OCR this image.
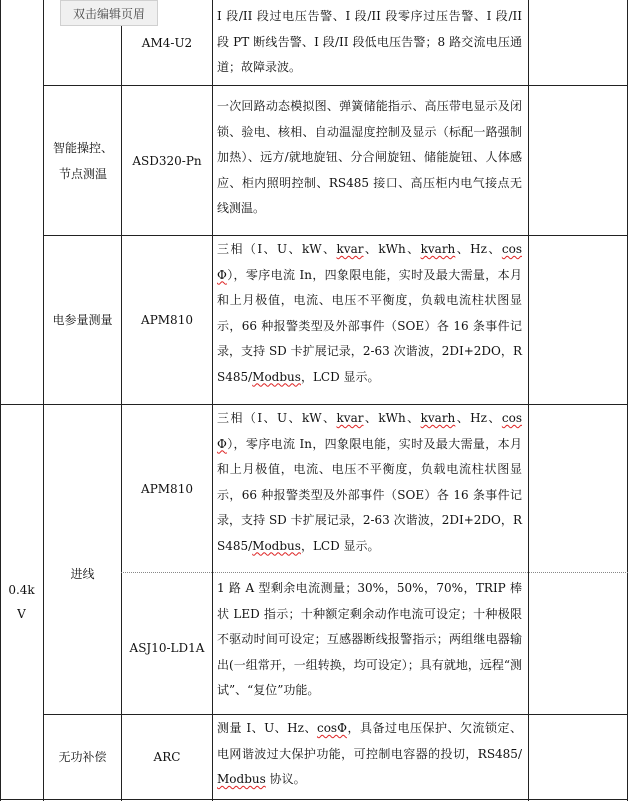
双击编辑页眉
0.4k
V
AM4-U2

I 段/II 段过电压告警、I 段/II 段零序过压告警、I 段/II 段 PT 断线告警、I 段/II 段低电压告警；8 路交流电压通道；故障录波。

智能操控、节点测温
ASD320-Pn

一次回路动态模拟图、弹簧储能指示、高压带电显示及闭锁、验电、核相、自动温湿度控制及显示（标配一路强制加热）、远方/就地旋钮、分合闸旋钮、储能旋钮、人体感应、柜内照明控制、RS485 接口、高压柜内电气接点无线测温。

电参量测量 APM810

三相（I、U、kW、kvar、kWh、kvarh、Hz、cosΦ），零序电流 In，四象限电能，实时及最大需量，本月和上月极值，电流、电压不平衡度，负载电流柱状图显示，66 种报警类型及外部事件（SOE）各 16 条事件记录，支持 SD 卡扩展记录，2-63 次谐波，2DI+2DO，RS485/Modbus，LCD 显示。

进线
APM810

三相（I、U、kW、kvar、kWh、kvarh、Hz、cosΦ），零序电流 In，四象限电能，实时及最大需量，本月和上月极值，电流、电压不平衡度，负载电流柱状图显示，66 种报警类型及外部事件（SOE）各 16 条事件记录，支持 SD 卡扩展记录，2-63 次谐波，2DI+2DO，RS485/Modbus，LCD 显示。

ASJ10-LD1A

1 路 A 型剩余电流测量；30%，50%，70%，TRIP 棒状 LED 指示；十种额定剩余动作电流可设定；十种极限不驱动时间可设定；互感器断线报警指示；两组继电器输出(一组常开，一组转换，均可设定）；具有就地，远程“测试”、“复位”功能。

无功补偿	ARC

测量 I、U、Hz、cosΦ，具备过电压保护、欠流锁定、电网谐波过大保护功能，可控制电容器的投切，RS485/Modbus 协议。
